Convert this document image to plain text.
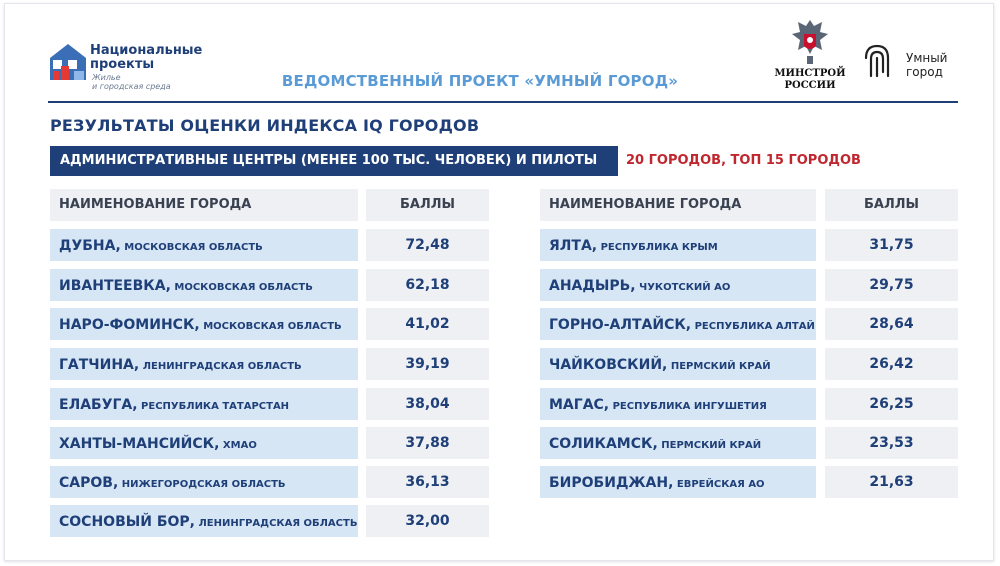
Национальные
проекты
Жилье
и городская среда	ВЕДОМСТВЕННЫЙ ПРОЕКТ «УМНЫЙ ГОРОД»	МИНСТРОЙ
РОССИИ
Умный
город
РЕЗУЛЬТАТЫ ОЦЕНКИ ИНДЕКСА IQ ГОРОДОВ
АДМИНИСТРАТИВНЫЕ ЦЕНТРЫ (МЕНЕЕ 100 ТЫС. ЧЕЛОВЕК) И ПИЛОТЫ	20 ГОРОДОВ, ТОП 15 ГОРОДОВ
НАИМЕНОВАНИЕ ГОРОДА	БАЛЛЫ
ДУБНА, МОСКОВСКАЯ ОБЛАСТЬ	72,48
ИВАНТЕЕВКА, МОСКОВСКАЯ ОБЛАСТЬ	62,18
НАРО-ФОМИНСК, МОСКОВСКАЯ ОБЛАСТЬ	41,02
ГАТЧИНА, ЛЕНИНГРАДСКАЯ ОБЛАСТЬ	39,19
ЕЛАБУГА, РЕСПУБЛИКА ТАТАРСТАН	38,04
ХАНТЫ-МАНСИЙСК, ХМАО	37,88
САРОВ, НИЖЕГОРОДСКАЯ ОБЛАСТЬ	36,13
СОСНОВЫЙ БОР, ЛЕНИНГРАДСКАЯ ОБЛАСТЬ	32,00
НАИМЕНОВАНИЕ ГОРОДА	БАЛЛЫ
ЯЛТА, РЕСПУБЛИКА КРЫМ	31,75
АНАДЫРЬ, ЧУКОТСКИЙ АО	29,75
ГОРНО-АЛТАЙСК, РЕСПУБЛИКА АЛТАЙ	28,64
ЧАЙКОВСКИЙ, ПЕРМСКИЙ КРАЙ	26,42
МАГАС, РЕСПУБЛИКА ИНГУШЕТИЯ	26,25
СОЛИКАМСК, ПЕРМСКИЙ КРАЙ	23,53
БИРОБИДЖАН, ЕВРЕЙСКАЯ АО	21,63
